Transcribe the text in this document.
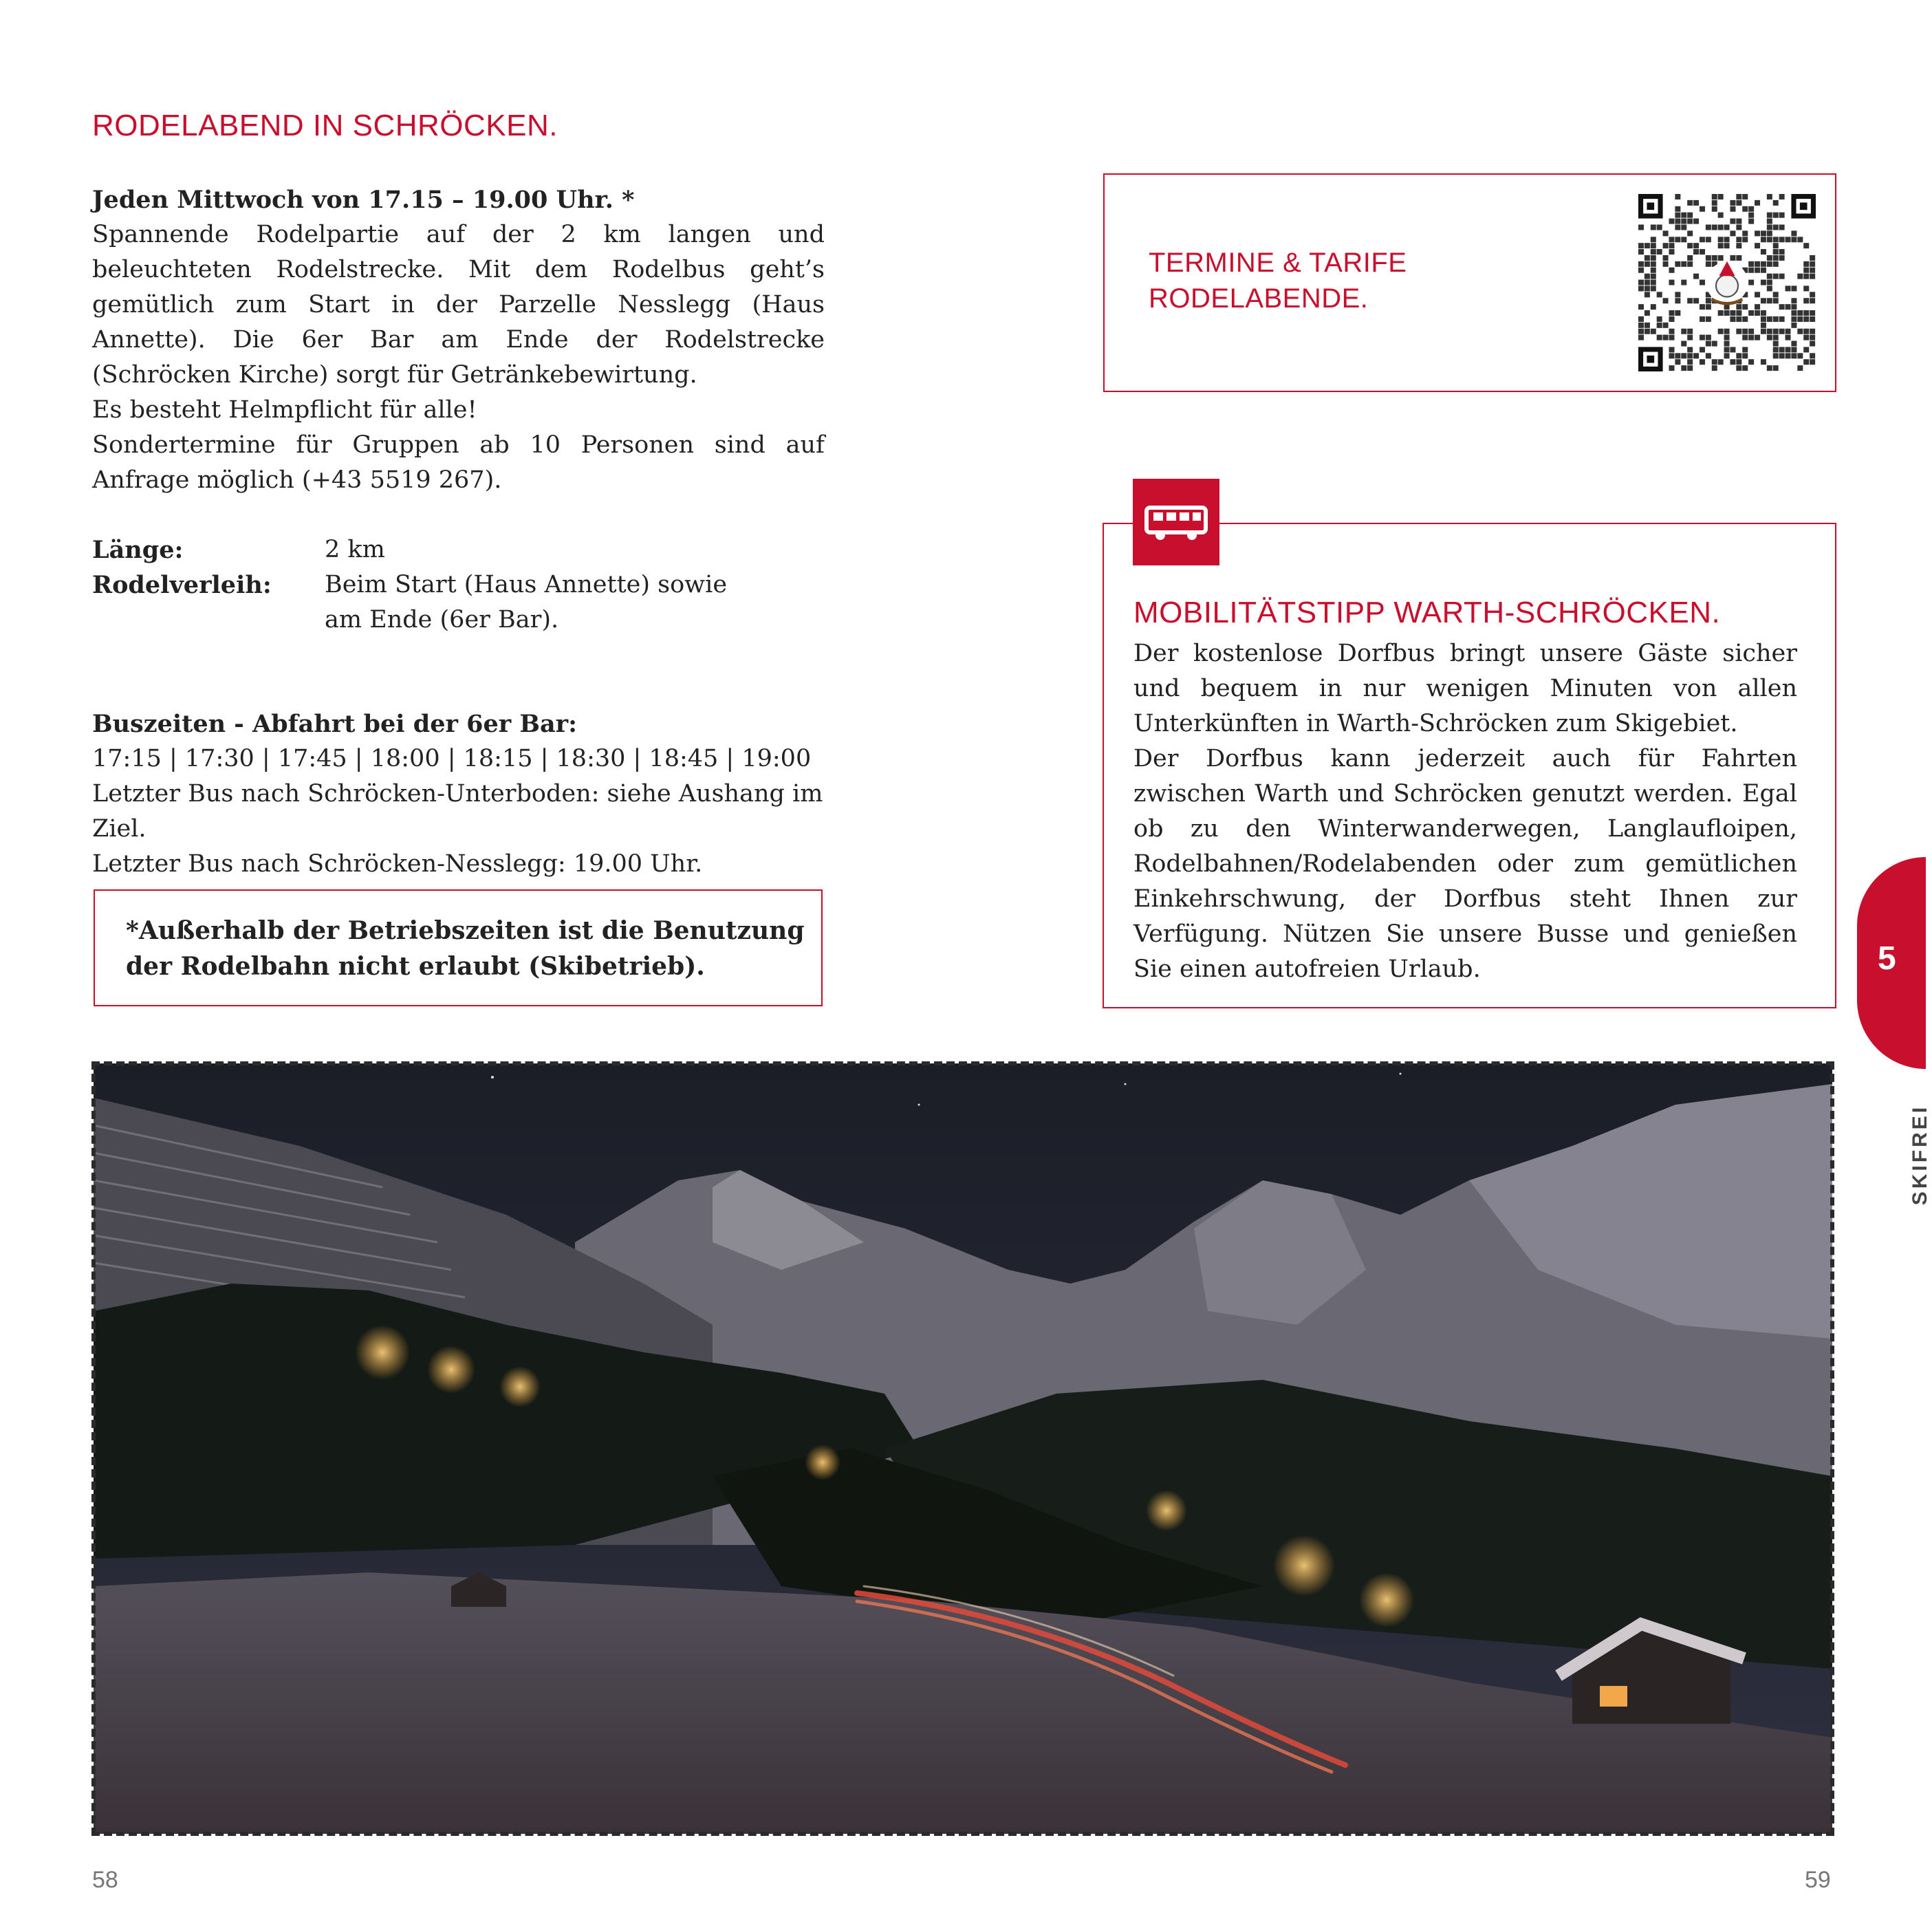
RODELABEND IN SCHRÖCKEN.

Jeden Mittwoch von 17.15 – 19.00 Uhr. *

Spannende Rodelpartie auf der 2 km langen und beleuchteten Rodelstrecke. Mit dem Rodelbus geht’s gemütlich zum Start in der Parzelle Nesslegg (Haus Annette). Die 6er Bar am Ende der Rodelstrecke (Schröcken Kirche) sorgt für Getränkebewirtung.

Es besteht Helmpflicht für alle!

Sondertermine für Gruppen ab 10 Personen sind auf Anfrage möglich (+43 5519 267).

Länge:	2 km
Rodelverleih:	Beim Start (Haus Annette) sowie
am Ende (6er Bar).

Buszeiten - Abfahrt bei der 6er Bar:

17:15 | 17:30 | 17:45 | 18:00 | 18:15 | 18:30 | 18:45 | 19:00

Letzter Bus nach Schröcken-Unterboden: siehe Aushang im Ziel.

Letzter Bus nach Schröcken-Nesslegg: 19.00 Uhr.

*Außerhalb der Betriebszeiten ist die Benutzung der Rodelbahn nicht erlaubt (Skibetrieb).
TERMINE & TARIFE
RODELABENDE.
MOBILITÄTSTIPP WARTH-SCHRÖCKEN.

Der kostenlose Dorfbus bringt unsere Gäste sicher und bequem in nur wenigen Minuten von allen Unterkünften in Warth-Schröcken zum Skigebiet.

Der Dorfbus kann jederzeit auch für Fahrten zwischen Warth und Schröcken genutzt werden. Egal ob zu den Winterwanderwegen, Langlaufloipen, Rodelbahnen/Rodelabenden oder zum gemütlichen Einkehrschwung, der Dorfbus steht Ihnen zur Verfügung. Nützen Sie unsere Busse und genießen Sie einen autofreien Urlaub.	5
SKIFREI
58	59
